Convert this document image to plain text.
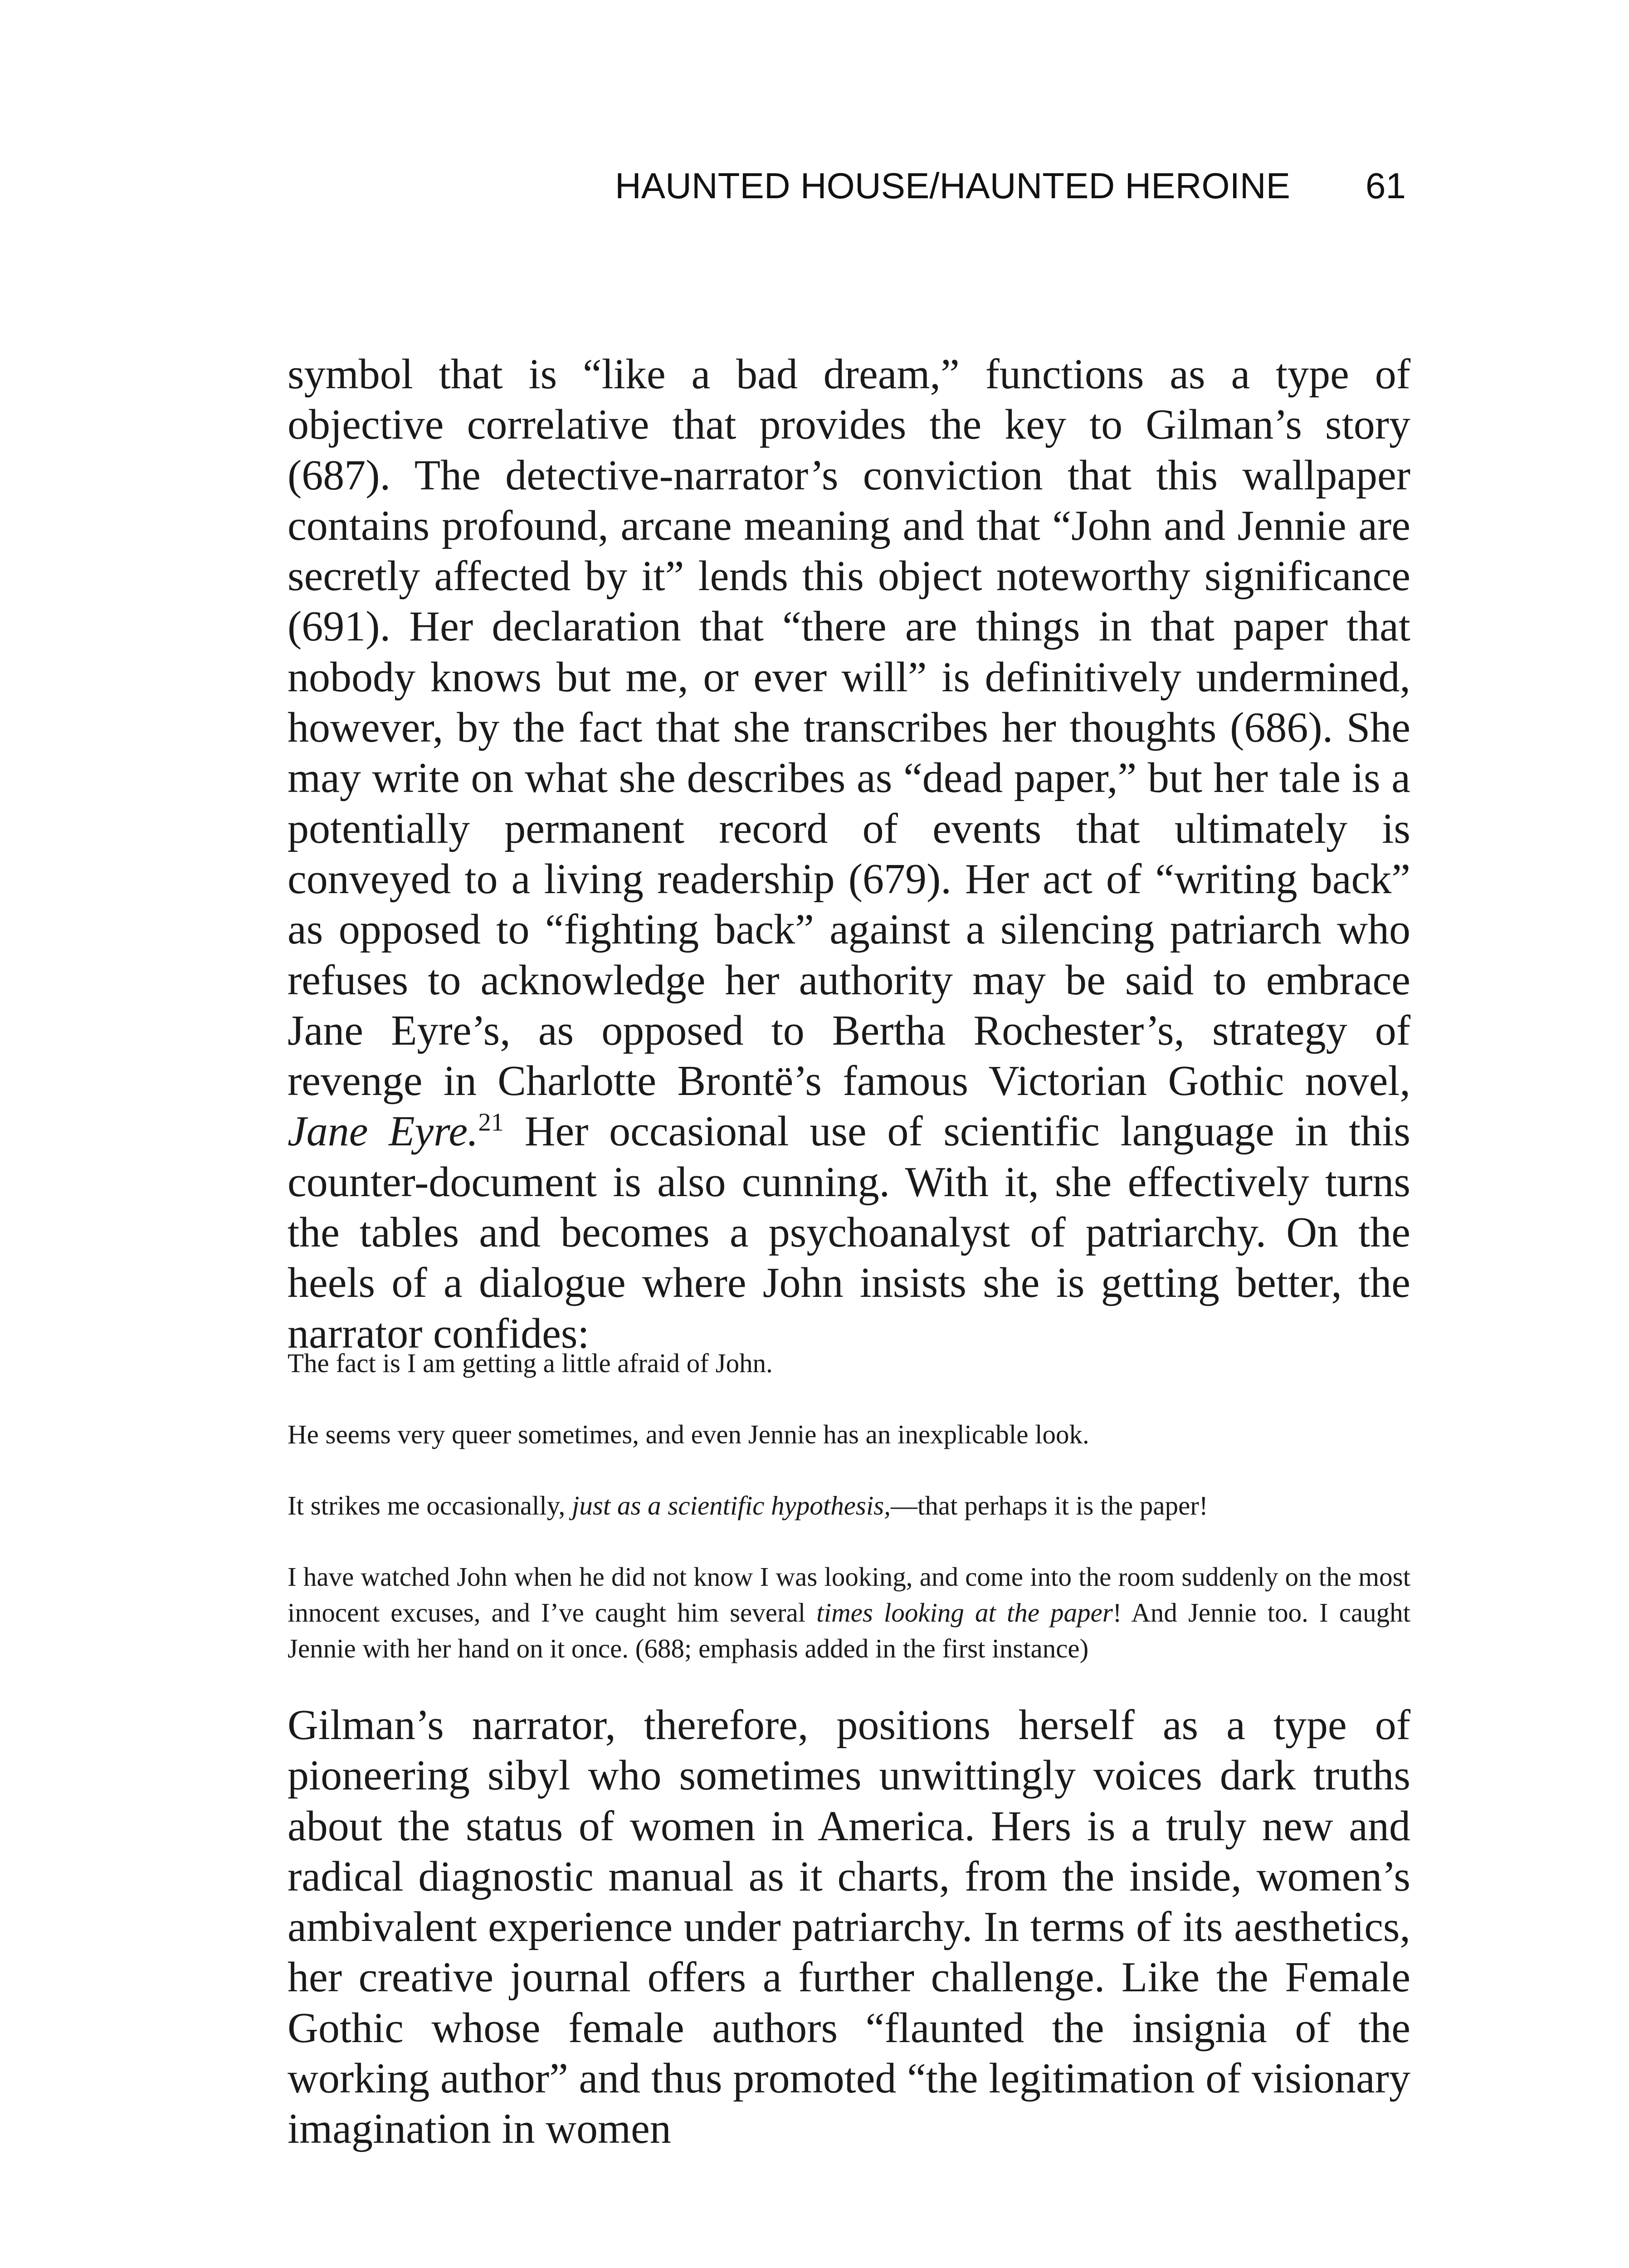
HAUNTED HOUSE/HAUNTED HEROINE 61

symbol that is “like a bad dream,” functions as a type of objective correlative that provides the key to Gilman’s story (687). The detective-narrator’s conviction that this wallpaper contains profound, arcane meaning and that “John and Jennie are secretly affected by it” lends this object noteworthy significance (691). Her declaration that “there are things in that paper that nobody knows but me, or ever will” is definitively undermined, however, by the fact that she transcribes her thoughts (686). She may write on what she describes as “dead paper,” but her tale is a potentially permanent record of events that ultimately is conveyed to a living readership (679). Her act of “writing back” as opposed to “fighting back” against a silencing patriarch who refuses to acknowledge her authority may be said to embrace Jane Eyre’s, as opposed to Bertha Rochester’s, strategy of revenge in Charlotte Brontë’s famous Victorian Gothic novel, Jane Eyre.$^{21}$ Her occasional use of scientific language in this counter-document is also cunning. With it, she effectively turns the tables and becomes a psychoanalyst of patriarchy. On the heels of a dialogue where John insists she is getting better, the narrator confides:

The fact is I am getting a little afraid of John.

He seems very queer sometimes, and even Jennie has an inexplicable look.

It strikes me occasionally, just as a scientific hypothesis,—that perhaps it is the paper!

I have watched John when he did not know I was looking, and come into the room suddenly on the most innocent excuses, and I’ve caught him several times looking at the paper! And Jennie too. I caught Jennie with her hand on it once. (688; emphasis added in the first instance)

Gilman’s narrator, therefore, positions herself as a type of pioneering sibyl who sometimes unwittingly voices dark truths about the status of women in America. Hers is a truly new and radical diagnostic manual as it charts, from the inside, women’s ambivalent experience under patriarchy. In terms of its aesthetics, her creative journal offers a further challenge. Like the Female Gothic whose female authors “flaunted the insignia of the working author” and thus promoted “the legitimation of visionary imagination in women
